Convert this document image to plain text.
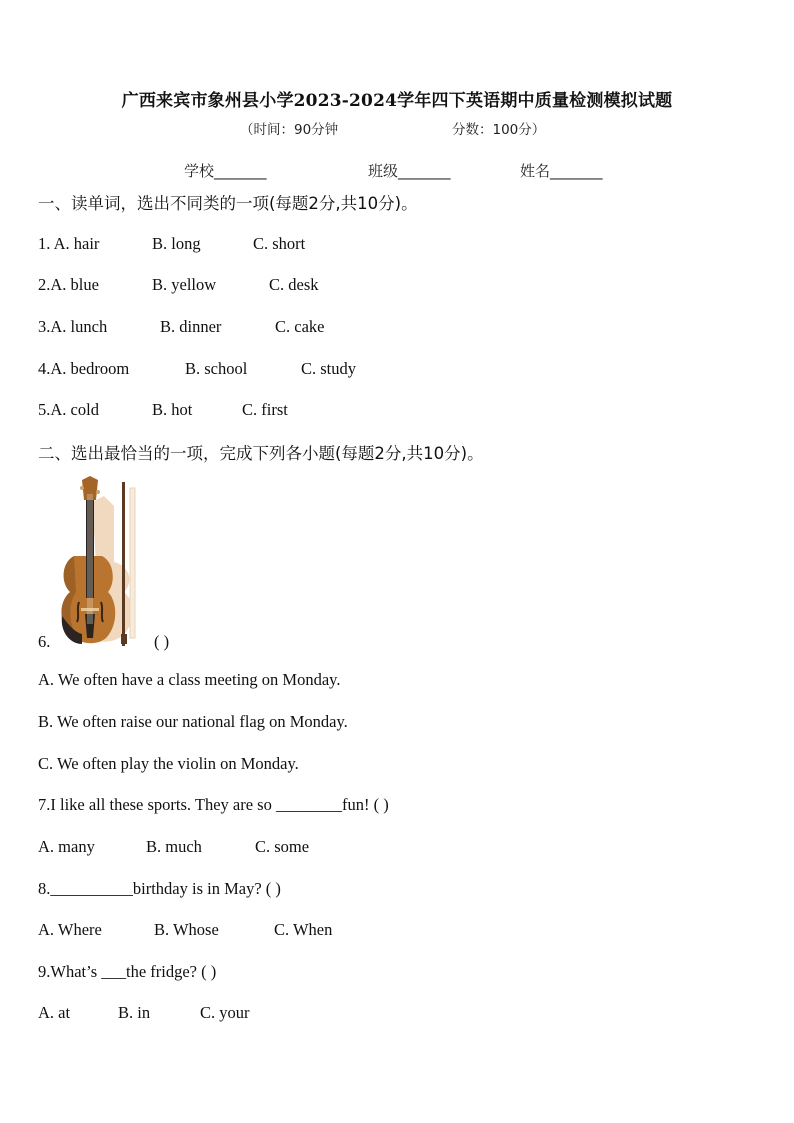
广西来宾市象州县小学2023-2024学年四下英语期中质量检测模拟试题
（时间：90分钟	分数：100分）
学校_______	班级_______	姓名_______
一、读单词，选出不同类的一项(每题2分,共10分)。
1. A. hair	B. long	C. short
2.A. blue	B. yellow	C. desk
3.A. lunch	B. dinner	C. cake
4.A. bedroom	B. school	C. study
5.A. cold	B. hot	C. first
二、选出最恰当的一项，完成下列各小题(每题2分,共10分)。
6.	( )
A. We often have a class meeting on Monday.
B. We often raise our national flag on Monday.
C. We often play the violin on Monday.
7.I like all these sports. They are so ________fun! ( )
A. many	B. much	C. some
8.__________birthday is in May? ( )
A. Where	B. Whose	C. When
9.What’s ___the fridge? ( )
A. at	B. in	C. your
